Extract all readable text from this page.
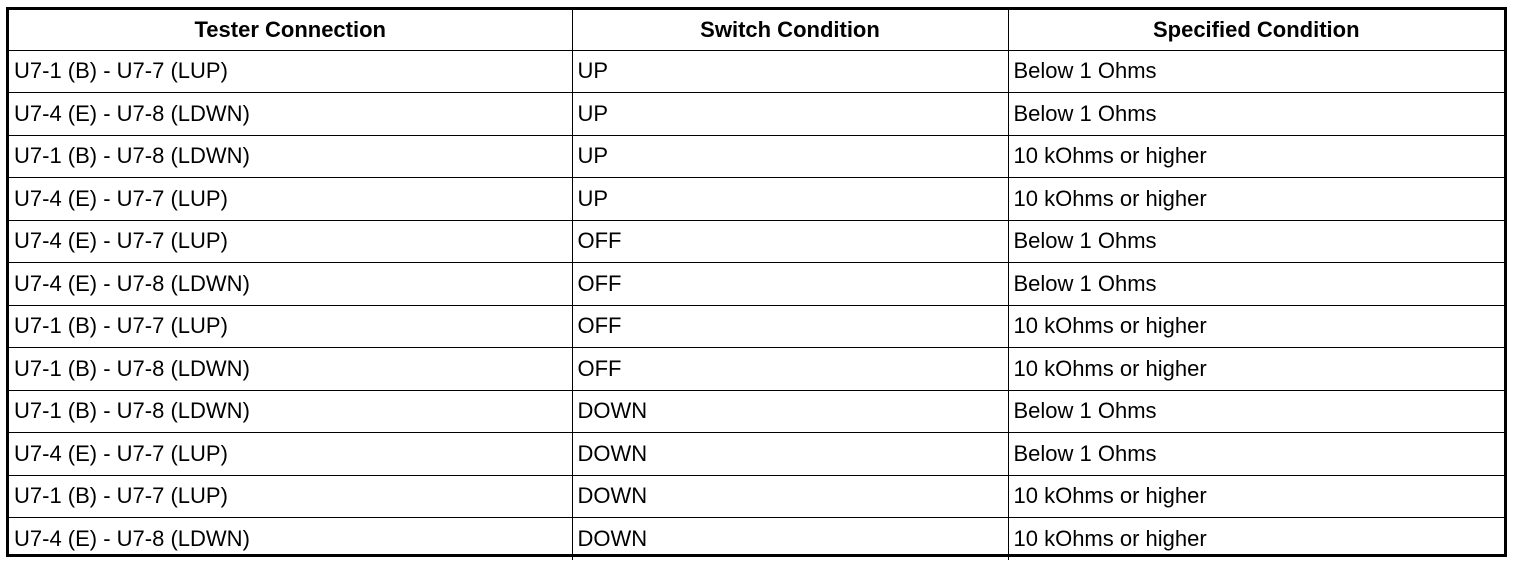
Tester Connection	Switch Condition	Specified Condition
U7-1 (B) - U7-7 (LUP)	UP	Below 1 Ohms
U7-4 (E) - U7-8 (LDWN)	UP	Below 1 Ohms
U7-1 (B) - U7-8 (LDWN)	UP	10 kOhms or higher
U7-4 (E) - U7-7 (LUP)	UP	10 kOhms or higher
U7-4 (E) - U7-7 (LUP)	OFF	Below 1 Ohms
U7-4 (E) - U7-8 (LDWN)	OFF	Below 1 Ohms
U7-1 (B) - U7-7 (LUP)	OFF	10 kOhms or higher
U7-1 (B) - U7-8 (LDWN)	OFF	10 kOhms or higher
U7-1 (B) - U7-8 (LDWN)	DOWN	Below 1 Ohms
U7-4 (E) - U7-7 (LUP)	DOWN	Below 1 Ohms
U7-1 (B) - U7-7 (LUP)	DOWN	10 kOhms or higher
U7-4 (E) - U7-8 (LDWN)	DOWN	10 kOhms or higher
